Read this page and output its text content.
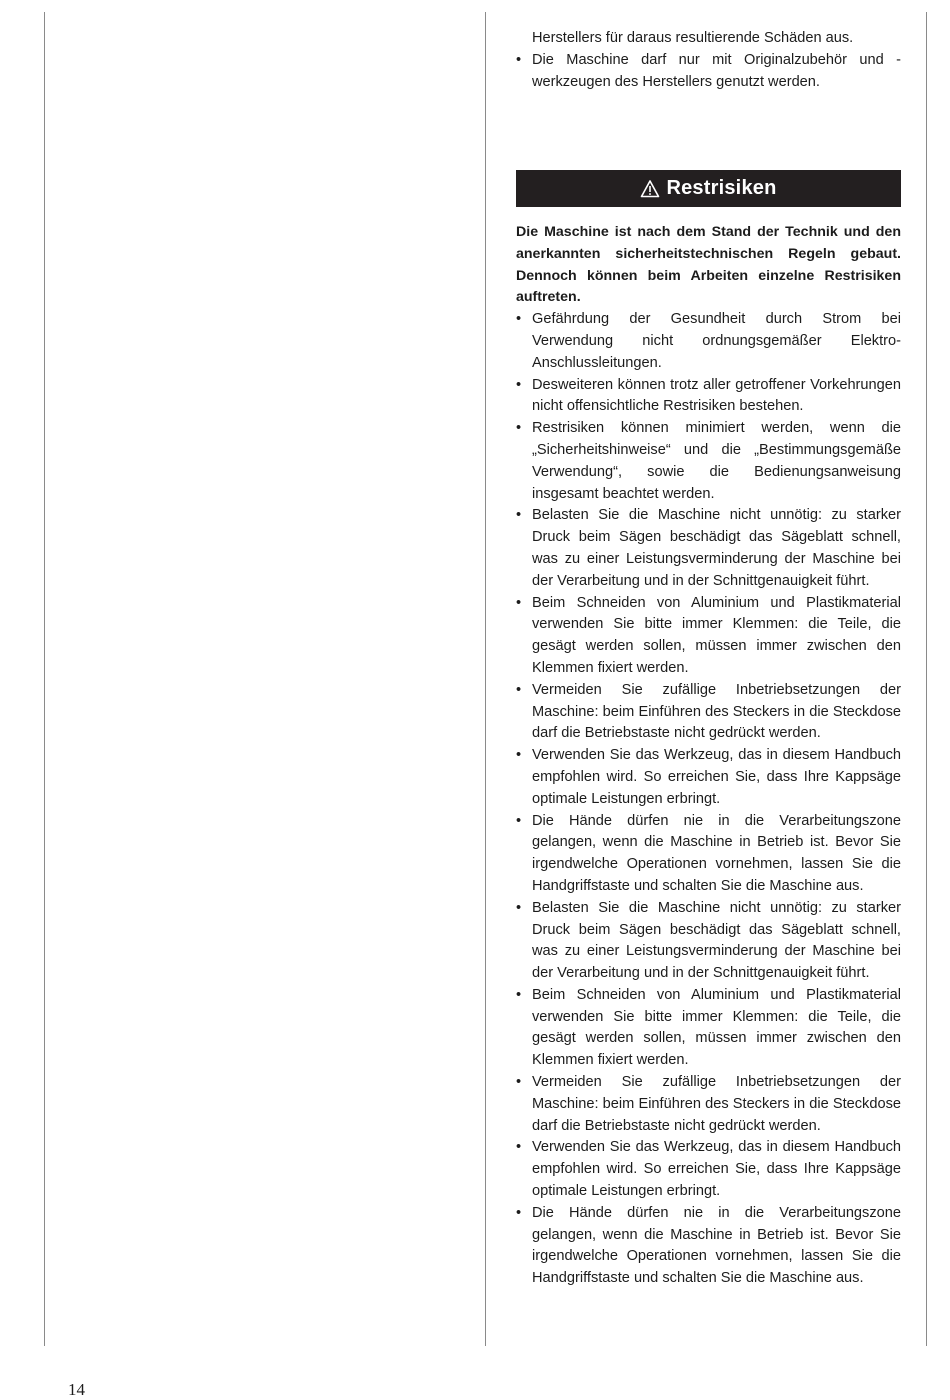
Herstellers für daraus resultierende Schäden aus.

• Die Maschine darf nur mit Originalzubehör und -werkzeugen des Herstellers genutzt werden.
Restrisiken
Die Maschine ist nach dem Stand der Technik und den anerkannten sicherheitstechnischen Regeln gebaut. Dennoch können beim Arbeiten einzelne Restrisiken auftreten.
• Gefährdung der Gesundheit durch Strom bei Verwendung nicht ordnungsgemäßer Elektro-Anschlussleitungen.
• Desweiteren können trotz aller getroffener Vorkehrungen nicht offensichtliche Restrisiken bestehen.
• Restrisiken können minimiert werden, wenn die „Sicherheitshinweise“ und die „Bestimmungsgemäße Verwendung“, sowie die Bedienungsanweisung insgesamt beachtet werden.
• Belasten Sie die Maschine nicht unnötig: zu starker Druck beim Sägen beschädigt das Sägeblatt schnell, was zu einer Leistungsverminderung der Maschine bei der Verarbeitung und in der Schnittgenauigkeit führt.
• Beim Schneiden von Aluminium und Plastikmaterial verwenden Sie bitte immer Klemmen: die Teile, die gesägt werden sollen, müssen immer zwischen den Klemmen fixiert werden.
• Vermeiden Sie zufällige Inbetriebsetzungen der Maschine: beim Einführen des Steckers in die Steckdose darf die Betriebstaste nicht gedrückt werden.
• Verwenden Sie das Werkzeug, das in diesem Handbuch empfohlen wird. So erreichen Sie, dass Ihre Kappsäge optimale Leistungen erbringt.
• Die Hände dürfen nie in die Verarbeitungszone gelangen, wenn die Maschine in Betrieb ist. Bevor Sie irgendwelche Operationen vornehmen, lassen Sie die Handgriffstaste und schalten Sie die Maschine aus.
• Belasten Sie die Maschine nicht unnötig: zu starker Druck beim Sägen beschädigt das Sägeblatt schnell, was zu einer Leistungsverminderung der Maschine bei der Verarbeitung und in der Schnittgenauigkeit führt.
• Beim Schneiden von Aluminium und Plastikmaterial verwenden Sie bitte immer Klemmen: die Teile, die gesägt werden sollen, müssen immer zwischen den Klemmen fixiert werden.
• Vermeiden Sie zufällige Inbetriebsetzungen der Maschine: beim Einführen des Steckers in die Steckdose darf die Betriebstaste nicht gedrückt werden.
• Verwenden Sie das Werkzeug, das in diesem Handbuch empfohlen wird. So erreichen Sie, dass Ihre Kappsäge optimale Leistungen erbringt.
• Die Hände dürfen nie in die Verarbeitungszone gelangen, wenn die Maschine in Betrieb ist. Bevor Sie irgendwelche Operationen vornehmen, lassen Sie die Handgriffstaste und schalten Sie die Maschine aus.
14
